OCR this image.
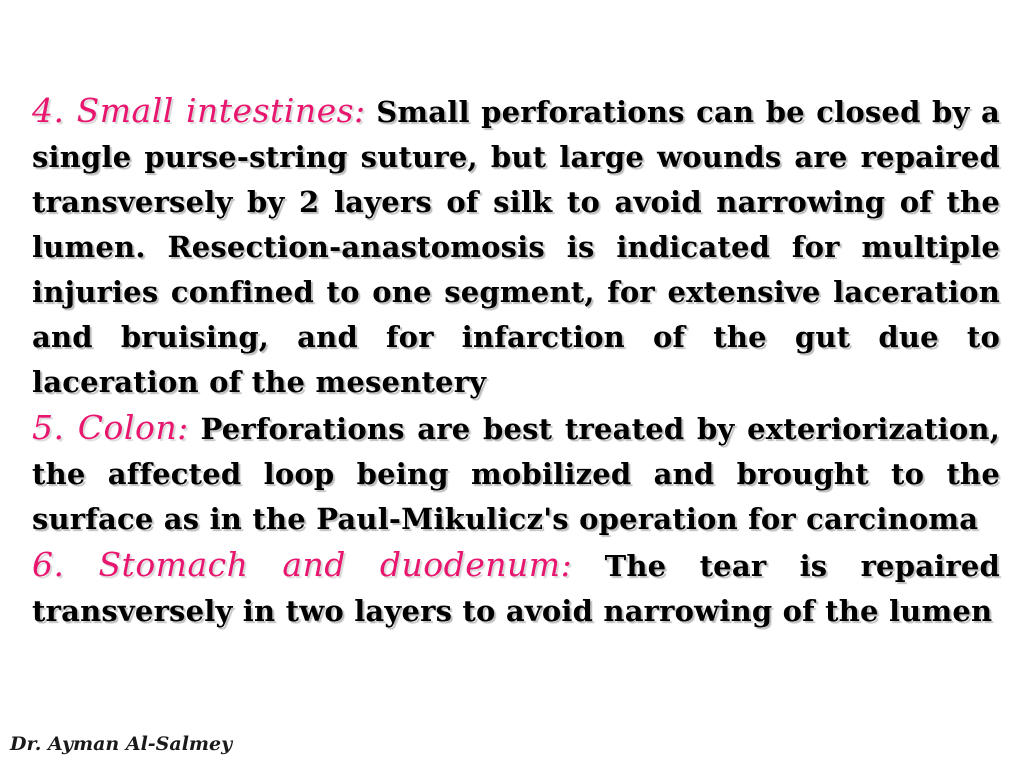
4. Small intestines: Small perforations can be closed by a single purse-string suture, but large wounds are repaired transversely by 2 layers of silk to avoid narrowing of the lumen. Resection-anastomosis is indicated for multiple injuries confined to one segment, for extensive laceration and bruising, and for infarction of the gut due to laceration of the mesentery

5. Colon: Perforations are best treated by exteriorization, the affected loop being mobilized and brought to the surface as in the Paul-Mikulicz's operation for carcinoma

6. Stomach and duodenum: The tear is repaired transversely in two layers to avoid narrowing of the lumen

Dr. Ayman Al-Salmey
